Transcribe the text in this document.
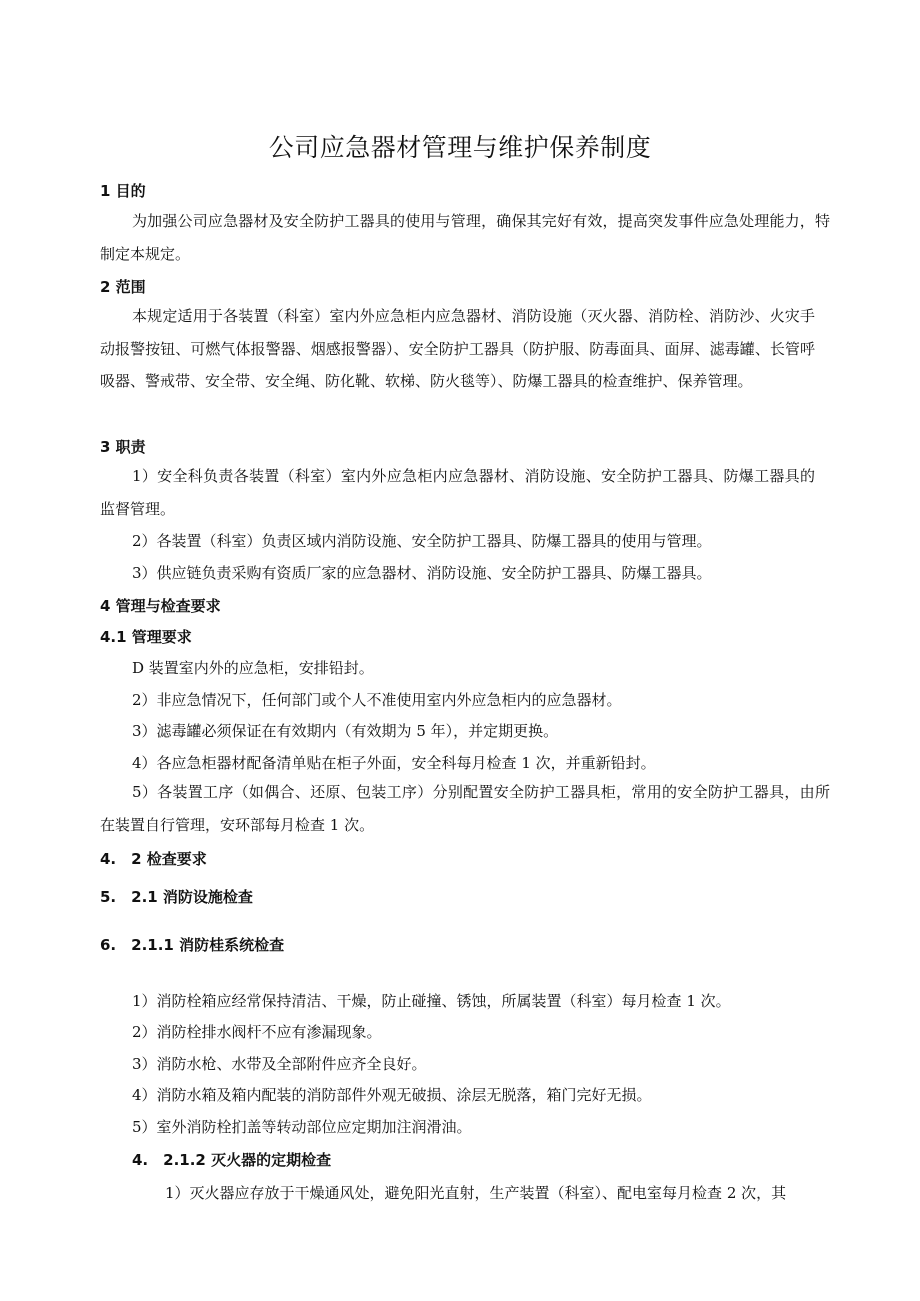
公司应急器材管理与维护保养制度
1 目的

为加强公司应急器材及安全防护工器具的使用与管理，确保其完好有效，提高突发事件应急处理能力，特制定本规定。

2 范围

本规定适用于各装置（科室）室内外应急柜内应急器材、消防设施（灭火器、消防栓、消防沙、火灾手动报警按钮、可燃气体报警器、烟感报警器）、安全防护工器具（防护服、防毒面具、面屏、滤毒罐、长管呼吸器、警戒带、安全带、安全绳、防化靴、软梯、防火毯等）、防爆工器具的检查维护、保养管理。

3 职责

1）安全科负责各装置（科室）室内外应急柜内应急器材、消防设施、安全防护工器具、防爆工器具的监督管理。

2）各装置（科室）负责区域内消防设施、安全防护工器具、防爆工器具的使用与管理。
3）供应链负责采购有资质厂家的应急器材、消防设施、安全防护工器具、防爆工器具。
4 管理与检查要求
4.1 管理要求
D 装置室内外的应急柜，安排铅封。
2）非应急情况下，任何部门或个人不准使用室内外应急柜内的应急器材。
3）滤毒罐必须保证在有效期内（有效期为 5 年），并定期更换。
4）各应急柜器材配备清单贴在柜子外面，安全科每月检查 1 次，并重新铅封。

5）各装置工序（如偶合、还原、包装工序）分别配置安全防护工器具柜，常用的安全防护工器具，由所在装置自行管理，安环部每月检查 1 次。

4.　2 检查要求
5.　2.1 消防设施检查
6.　2.1.1 消防桂系统检查
1）消防栓箱应经常保持清洁、干燥，防止碰撞、锈蚀，所属装置（科室）每月检查 1 次。
2）消防栓排水阀杆不应有渗漏现象。
3）消防水枪、水带及全部附件应齐全良好。
4）消防水箱及箱内配装的消防部件外观无破损、涂层无脱落，箱门完好无损。
5）室外消防栓扪盖等转动部位应定期加注润滑油。
4.　2.1.2 灭火器的定期检查
1）灭火器应存放于干燥通风处，避免阳光直射，生产装置（科室）、配电室每月检查 2 次，其
